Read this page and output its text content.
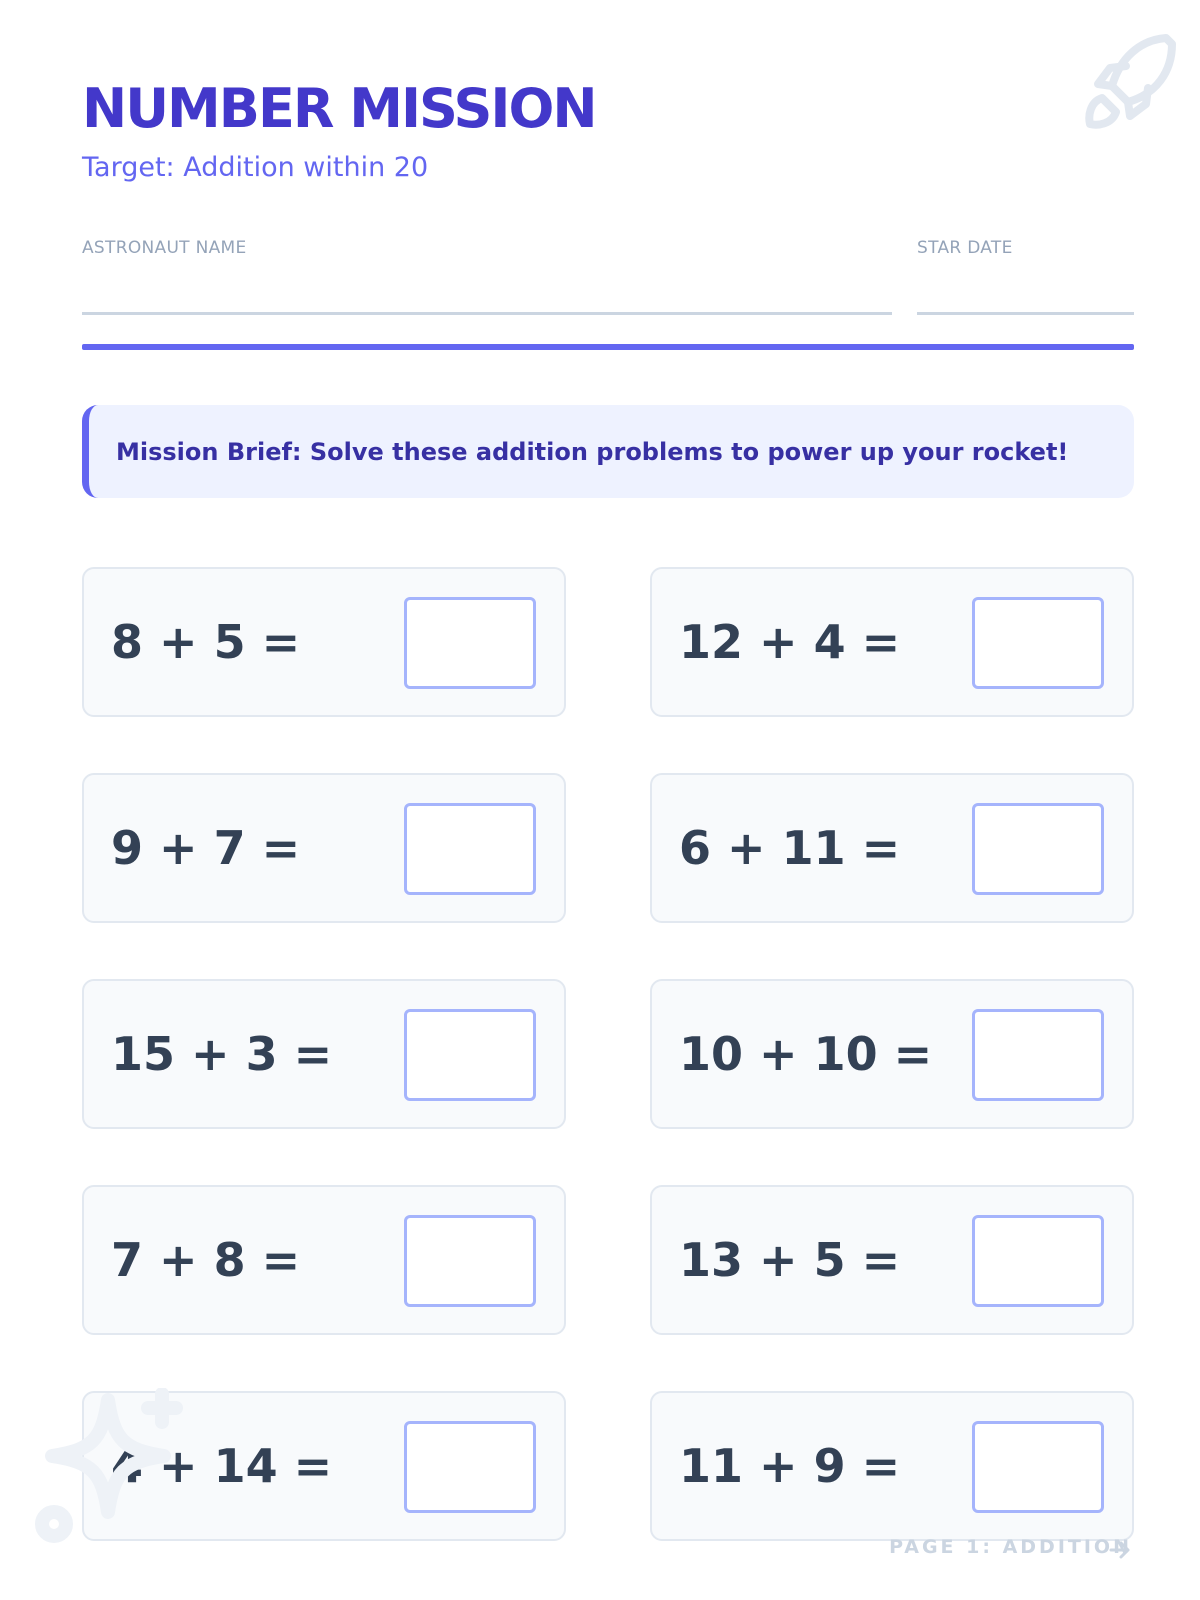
NUMBER MISSION
Target: Addition within 20
ASTRONAUT NAME	STAR DATE
Mission Brief: Solve these addition problems to power up your rocket!
8 + 5 =	12 + 4 =
9 + 7 =	6 + 11 =
15 + 3 =	10 + 10 =
7 + 8 =	13 + 5 =
4 + 14 =	11 + 9 =
PAGE 1: ADDITION
